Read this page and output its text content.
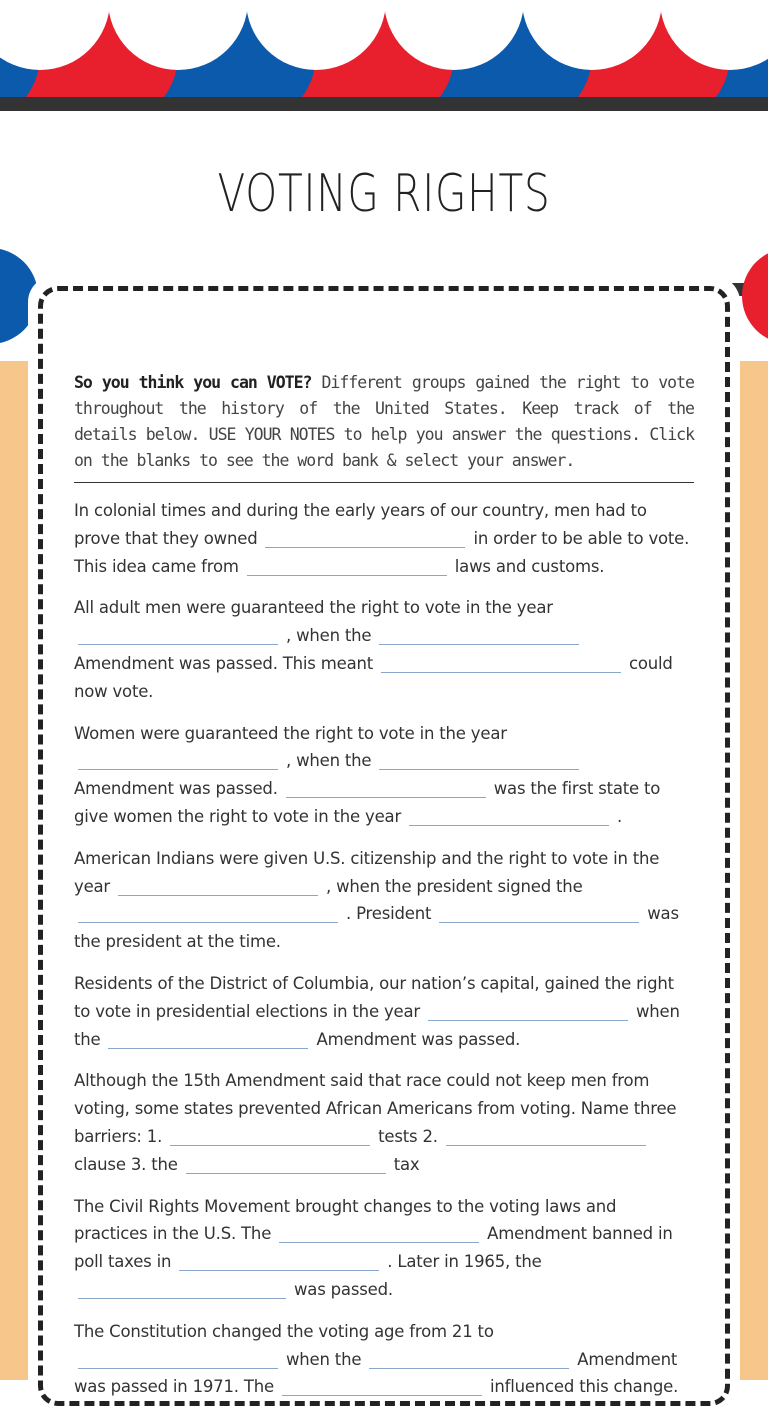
VOTING RIGHTS

So you think you can VOTE? Different groups gained the right to vote throughout the history of the United States. Keep track of the details below. USE YOUR NOTES to help you answer the questions. Click on the blanks to see the word bank & select your answer.

In colonial times and during the early years of our country, men had to prove that they owned	in order to be able to vote. This idea came from	laws and customs.

All adult men were guaranteed the right to vote in the year
, when the
Amendment was passed. This meant	could now vote.

Women were guaranteed the right to vote in the year
, when the
Amendment was passed.	was the first state to give women the right to vote in the year	.

American Indians were given U.S. citizenship and the right to vote in the year	, when the president signed the
. President	was the president at the time.

Residents of the District of Columbia, our nation’s capital, gained the right to vote in presidential elections in the year	when the	Amendment was passed.

Although the 15th Amendment said that race could not keep men from voting, some states prevented African Americans from voting. Name three barriers: 1.	tests 2.clause 3. the	tax

The Civil Rights Movement brought changes to the voting laws and practices in the U.S. The	Amendment banned in poll taxes in	. Later in 1965, the
was passed.

The Constitution changed the voting age from 21 to
when the	Amendment was passed in 1971. The	influenced this change.
